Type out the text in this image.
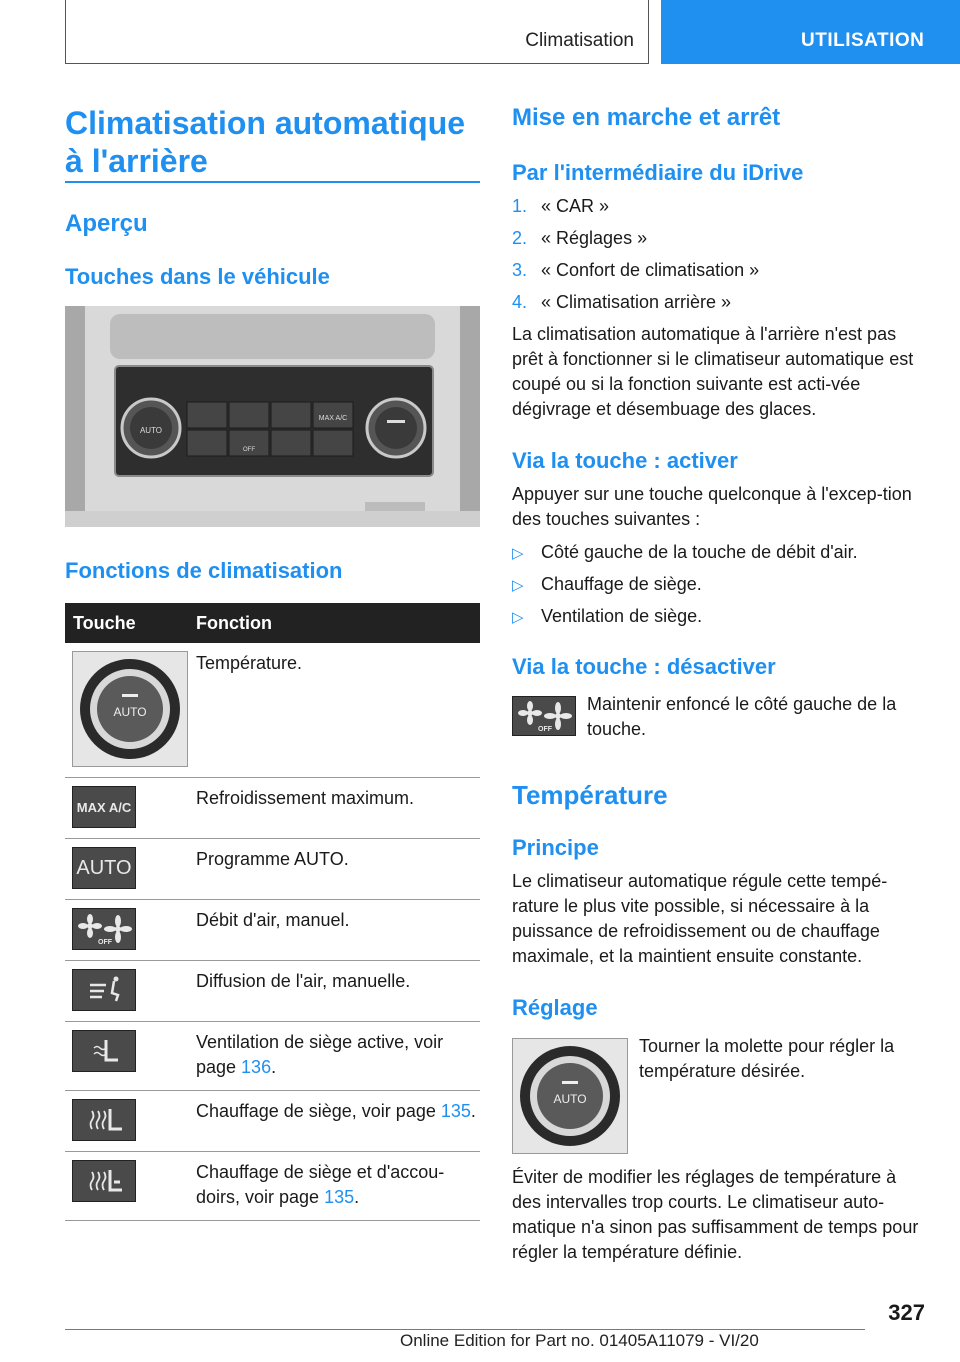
Climatisation	UTILISATION
Climatisation automatique à l'arrière
Aperçu
Touches dans le véhicule
AUTO
MAX A/C
OFF
Fonctions de climatisation
Touche	Fonction

AUTO	Température.

MAX A/C	Refroidissement maximum.

AUTO	Programme AUTO.

OFF	Débit d'air, manuel.

	Diffusion de l'air, manuelle.

	Ventilation de siège active, voir page 136.

	Chauffage de siège, voir page 135.

	Chauffage de siège et d'accou-doirs, voir page 135.
Mise en marche et arrêt
Par l'intermédiaire du iDrive
1. « CAR »
2. « Réglages »
3. « Confort de climatisation »
4. « Climatisation arrière »
La climatisation automatique à l'arrière n'est pas prêt à fonctionner si le climatiseur automatique est coupé ou si la fonction suivante est acti-vée dégivrage et désembuage des glaces.
Via la touche : activer
Appuyer sur une touche quelconque à l'excep-tion des touches suivantes :
▷ Côté gauche de la touche de débit d'air.
▷ Chauffage de siège.
▷ Ventilation de siège.
Via la touche : désactiver
OFF
Maintenir enfoncé le côté gauche de la touche.
Température
Principe
Le climatiseur automatique régule cette tempé-rature le plus vite possible, si nécessaire à la puissance de refroidissement ou de chauffage maximale, et la maintient ensuite constante.
Réglage
AUTO
Tourner la molette pour régler la température désirée.
Éviter de modifier les réglages de température à des intervalles trop courts. Le climatiseur auto-matique n'a sinon pas suffisamment de temps pour régler la température définie.
327
Online Edition for Part no. 01405A11079 - VI/20
